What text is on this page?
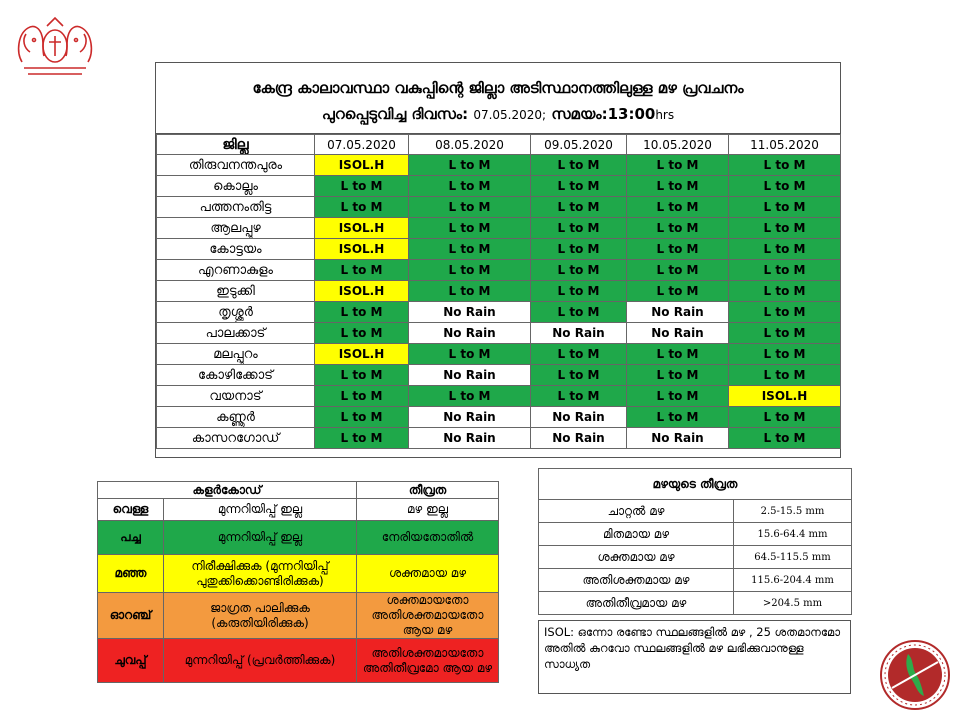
കേന്ദ്ര കാലാവസ്ഥാ വകുപ്പിന്റെ ജില്ലാ അടിസ്ഥാനത്തിലുള്ള മഴ പ്രവചനം
പുറപ്പെടുവിച്ച ദിവസം: 07.05.2020; സമയം:13:00hrs
ജില്ല	07.05.2020	08.05.2020	09.05.2020	10.05.2020	11.05.2020
തിരുവനന്തപുരം	ISOL.H	L to M	L to M	L to M	L to M
കൊല്ലം	L to M	L to M	L to M	L to M	L to M
പത്തനംതിട്ട	L to M	L to M	L to M	L to M	L to M
ആലപ്പുഴ	ISOL.H	L to M	L to M	L to M	L to M
കോട്ടയം	ISOL.H	L to M	L to M	L to M	L to M
എറണാകുളം	L to M	L to M	L to M	L to M	L to M
ഇടുക്കി	ISOL.H	L to M	L to M	L to M	L to M
തൃശ്ശൂർ	L to M	No Rain	L to M	No Rain	L to M
പാലക്കാട്	L to M	No Rain	No Rain	No Rain	L to M
മലപ്പുറം	ISOL.H	L to M	L to M	L to M	L to M
കോഴിക്കോട്	L to M	No Rain	L to M	L to M	L to M
വയനാട്	L to M	L to M	L to M	L to M	ISOL.H
കണ്ണൂർ	L to M	No Rain	No Rain	L to M	L to M
കാസറഗോഡ്	L to M	No Rain	No Rain	No Rain	L to M
കളർകോഡ്		തീവ്രത
വെള്ള	മുന്നറിയിപ്പ് ഇല്ല	മഴ ഇല്ല
പച്ച	മുന്നറിയിപ്പ് ഇല്ല	നേരിയതോതിൽ
മഞ്ഞ	നിരീക്ഷിക്കുക (മുന്നറിയിപ്പ് പുതുക്കിക്കൊണ്ടിരിക്കുക)	ശക്തമായ മഴ
ഓറഞ്ച്	ജാഗ്രത പാലിക്കുക (കരുതിയിരിക്കുക)	ശക്തമായതോ അതിശക്തമായതോ ആയ മഴ
ചുവപ്പ്	മുന്നറിയിപ്പ് (പ്രവർത്തിക്കുക)	അതിശക്തമായതോ അതിതീവ്രമോ ആയ മഴ
മഴയുടെ തീവ്രത	
ചാറ്റൽ മഴ	2.5-15.5 mm
മിതമായ മഴ	15.6-64.4 mm
ശക്തമായ മഴ	64.5-115.5 mm
അതിശക്തമായ മഴ	115.6-204.4 mm
അതിതീവ്രമായ മഴ	>204.5 mm
ISOL: ഒന്നോ രണ്ടോ സ്ഥലങ്ങളിൽ മഴ , 25 ശതമാനമോ അതിൽ കുറവോ സ്ഥലങ്ങളിൽ മഴ ലഭിക്കുവാനുള്ള സാധ്യത
